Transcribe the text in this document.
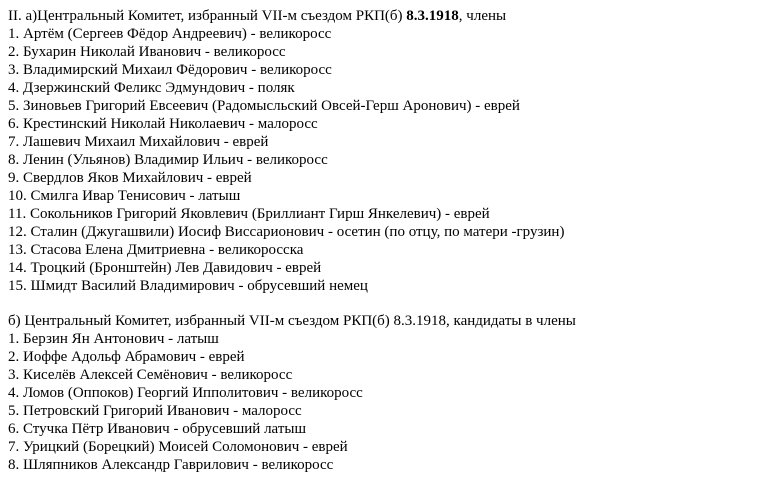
II. а)Центральный Комитет, избранный VII-м съездом РКП(б) 8.3.1918, члены
1. Артём (Сергеев Фёдор Андреевич) - великоросс
2. Бухарин Николай Иванович - великоросс
3. Владимирский Михаил Фёдорович - великоросс
4. Дзержинский Феликс Эдмундович - поляк
5. Зиновьев Григорий Евсеевич (Радомысльский Овсей-Герш Аронович) - еврей
6. Крестинский Николай Николаевич - малоросс
7. Лашевич Михаил Михайлович - еврей
8. Ленин (Ульянов) Владимир Ильич - великоросс
9. Свердлов Яков Михайлович - еврей
10. Смилга Ивар Тенисович - латыш
11. Сокольников Григорий Яковлевич (Бриллиант Гирш Янкелевич) - еврей
12. Сталин (Джугашвили) Иосиф Виссарионович - осетин (по отцу, по матери -грузин)
13. Стасова Елена Дмитриевна - великоросска
14. Троцкий (Бронштейн) Лев Давидович - еврей
15. Шмидт Василий Владимирович - обрусевший немец
б) Центральный Комитет, избранный VII-м съездом РКП(б) 8.3.1918, кандидаты в члены
1. Берзин Ян Антонович - латыш
2. Иоффе Адольф Абрамович - еврей
3. Киселёв Алексей Семёнович - великоросс
4. Ломов (Оппоков) Георгий Ипполитович - великоросс
5. Петровский Григорий Иванович - малоросс
6. Стучка Пётр Иванович - обрусевший латыш
7. Урицкий (Борецкий) Моисей Соломонович - еврей
8. Шляпников Александр Гаврилович - великоросс
